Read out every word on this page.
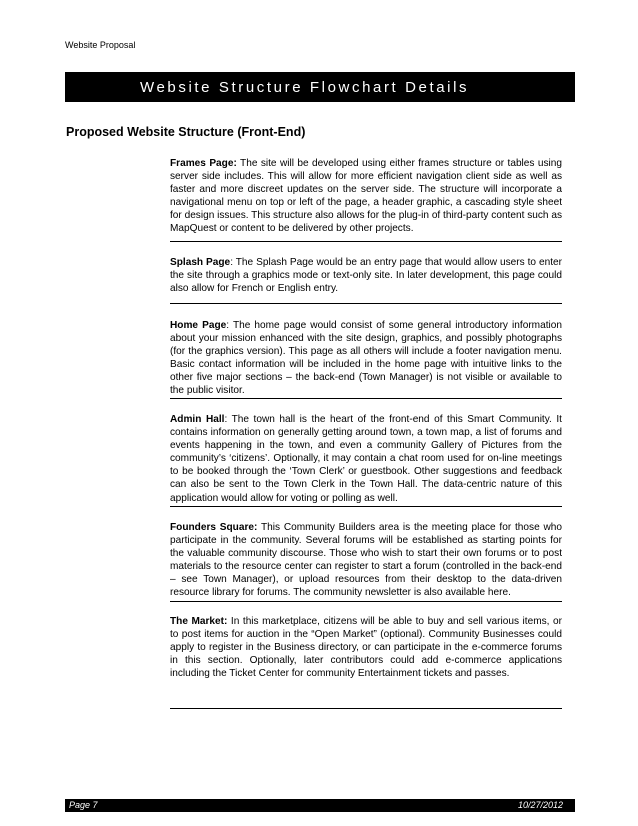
Website Proposal
Website Structure Flowchart Details
Proposed Website Structure (Front-End)

Frames Page: The site will be developed using either frames structure or tables using server side includes. This will allow for more efficient navigation client side as well as faster and more discreet updates on the server side. The structure will incorporate a navigational menu on top or left of the page, a header graphic, a cascading style sheet for design issues. This structure also allows for the plug-in of third-party content such as MapQuest or content to be delivered by other projects.

Splash Page: The Splash Page would be an entry page that would allow users to enter the site through a graphics mode or text-only site. In later development, this page could also allow for French or English entry.

Home Page: The home page would consist of some general introductory information about your mission enhanced with the site design, graphics, and possibly photographs (for the graphics version). This page as all others will include a footer navigation menu. Basic contact information will be included in the home page with intuitive links to the other five major sections – the back-end (Town Manager) is not visible or available to the public visitor.

Admin Hall: The town hall is the heart of the front-end of this Smart Community. It contains information on generally getting around town, a town map, a list of forums and events happening in the town, and even a community Gallery of Pictures from the community’s ‘citizens’. Optionally, it may contain a chat room used for on-line meetings to be booked through the ‘Town Clerk’ or guestbook. Other suggestions and feedback can also be sent to the Town Clerk in the Town Hall. The data-centric nature of this application would allow for voting or polling as well.

Founders Square: This Community Builders area is the meeting place for those who participate in the community. Several forums will be established as starting points for the valuable community discourse. Those who wish to start their own forums or to post materials to the resource center can register to start a forum (controlled in the back-end – see Town Manager), or upload resources from their desktop to the data-driven resource library for forums. The community newsletter is also available here.

The Market: In this marketplace, citizens will be able to buy and sell various items, or to post items for auction in the “Open Market” (optional). Community Businesses could apply to register in the Business directory, or can participate in the e-commerce forums in this section. Optionally, later contributors could add e-commerce applications including the Ticket Center for community Entertainment tickets and passes.

Page 7	10/27/2012
